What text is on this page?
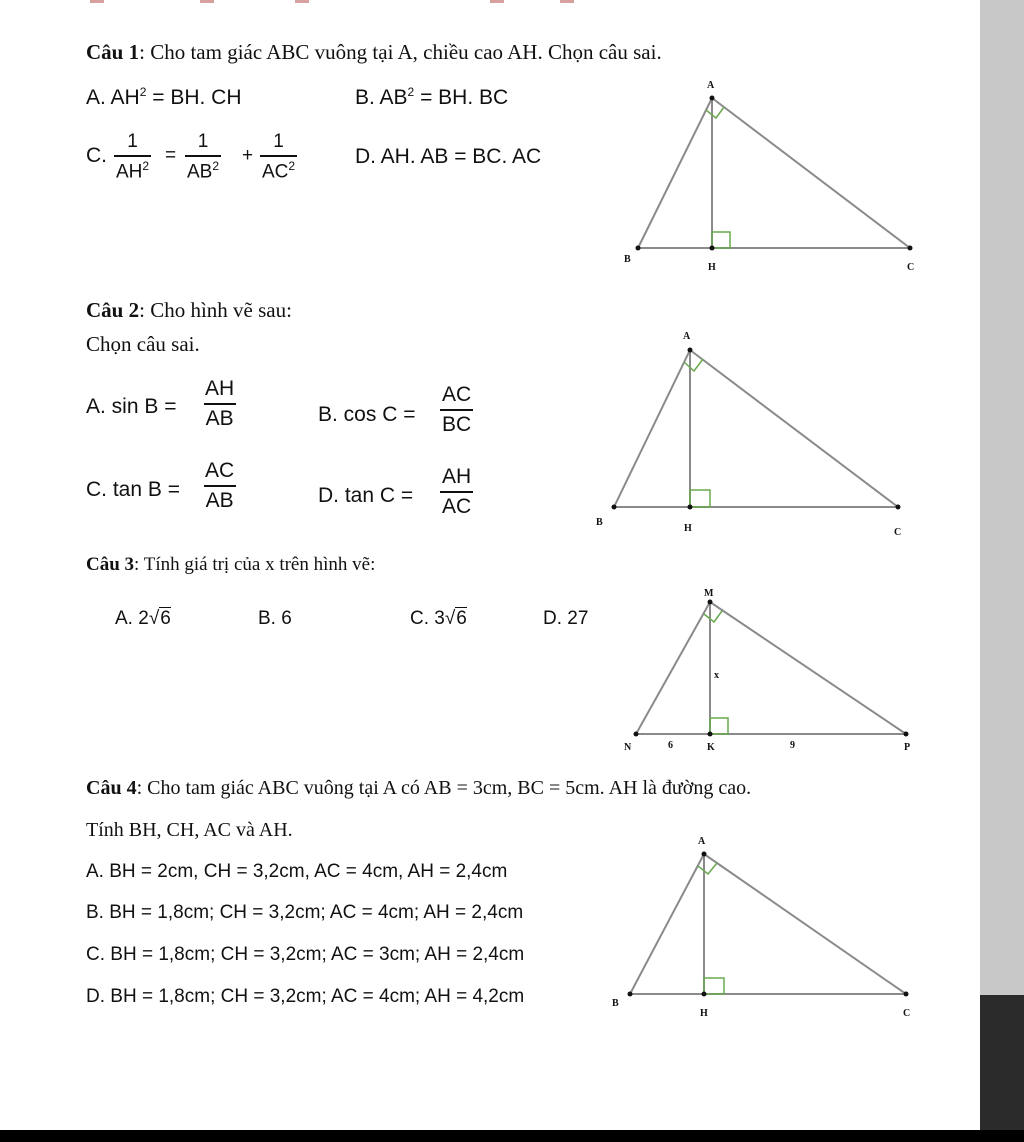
Câu 1: Cho tam giác ABC vuông tại A, chiều cao AH. Chọn câu sai.
A. $AH^2$ = BH. CH	B. $AB^2$ = BH. BC
C. $\frac{1}{AH^2} = \frac{1}{AB^2} + \frac{1}{AC^2}$	D. AH. AB = BC. AC
A
B
H	C
Câu 2: Cho hình vẽ sau:
Chọn câu sai.
A. $\sin B = \frac{AH}{AB}$	B. $\cos C = \frac{AC}{BC}$
C. $\tan B = \frac{AC}{AB}$	D. $\tan C = \frac{AH}{AC}$
A
B
H	C
Câu 3: Tính giá trị của x trên hình vẽ:
A. 2√6	B. 6	C. 3√6	D. 27
M
N	K	P
x
6	9
Câu 4: Cho tam giác ABC vuông tại A có AB = 3cm, BC = 5cm. AH là đường cao.
Tính BH, CH, AC và AH.
A. BH = 2cm, CH = 3,2cm, AC = 4cm, AH = 2,4cm
B. BH = 1,8cm; CH = 3,2cm; AC = 4cm; AH = 2,4cm
C. BH = 1,8cm; CH = 3,2cm; AC = 3cm; AH = 2,4cm
D. BH = 1,8cm; CH = 3,2cm; AC = 4cm; AH = 4,2cm
A
B
H	C
